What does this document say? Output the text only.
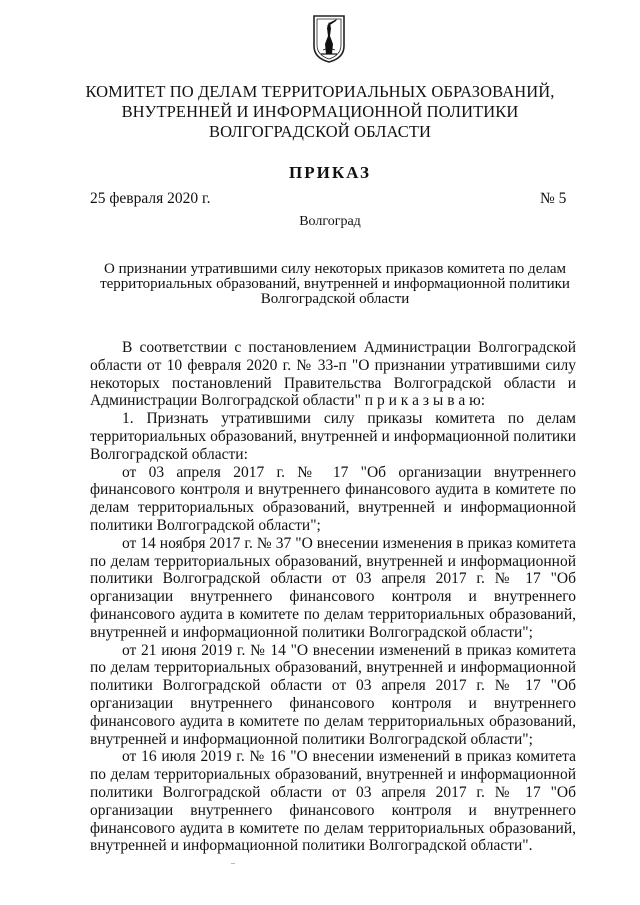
КОМИТЕТ ПО ДЕЛАМ ТЕРРИТОРИАЛЬНЫХ ОБРАЗОВАНИЙ,
ВНУТРЕННЕЙ И ИНФОРМАЦИОННОЙ ПОЛИТИКИ
ВОЛГОГРАДСКОЙ ОБЛАСТИ
ПРИКАЗ
25 февраля 2020 г.	№ 5
Волгоград
О признании утратившими силу некоторых приказов комитета по делам территориальных образований, внутренней и информационной политики Волгоградской области

В соответствии с постановлением Администрации Волгоградской области от 10 февраля 2020 г. № 33-п "О признании утратившими силу некоторых постановлений Правительства Волгоградской области и Администрации Волгоградской области" п р и к а з ы в а ю:

1. Признать утратившими силу приказы комитета по делам территориальных образований, внутренней и информационной политики Волгоградской области:

от 03 апреля 2017 г. № 17 "Об организации внутреннего финансового контроля и внутреннего финансового аудита в комитете по делам территориальных образований, внутренней и информационной политики Волгоградской области";

от 14 ноября 2017 г. № 37 "О внесении изменения в приказ комитета по делам территориальных образований, внутренней и информационной политики Волгоградской области от 03 апреля 2017 г. № 17 "Об организации внутреннего финансового контроля и внутреннего финансового аудита в комитете по делам территориальных образований, внутренней и информационной политики Волгоградской области";

от 21 июня 2019 г. № 14 "О внесении изменений в приказ комитета по делам территориальных образований, внутренней и информационной политики Волгоградской области от 03 апреля 2017 г. № 17 "Об организации внутреннего финансового контроля и внутреннего финансового аудита в комитете по делам территориальных образований, внутренней и информационной политики Волгоградской области";

от 16 июля 2019 г. № 16 "О внесении изменений в приказ комитета по делам территориальных образований, внутренней и информационной политики Волгоградской области от 03 апреля 2017 г. № 17 "Об организации внутреннего финансового контроля и внутреннего финансового аудита в комитете по делам территориальных образований, внутренней и информационной политики Волгоградской области".
